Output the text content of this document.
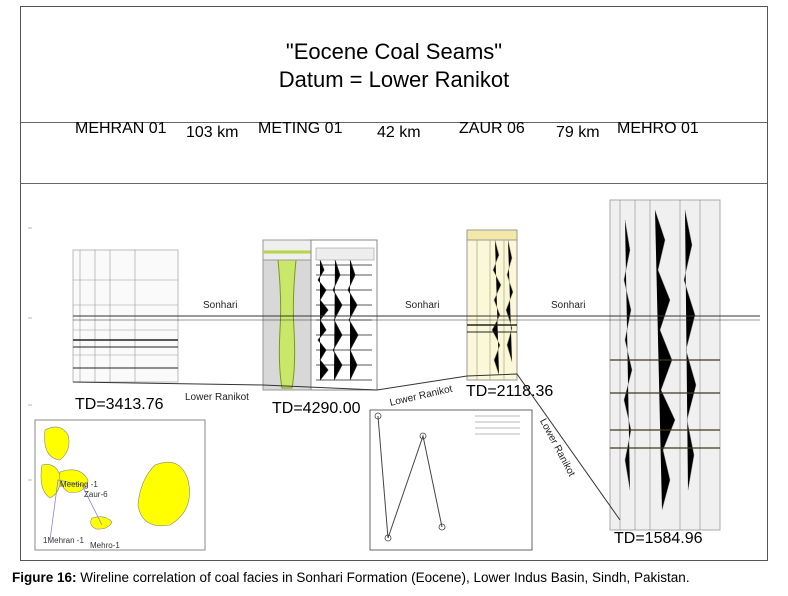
"Eocene Coal Seams"
Datum = Lower Ranikot
MEHRAN 01 103 km METING 01 42 km ZAUR 06 79 km MEHRO 01
Sonhari	Sonhari	Sonhari
Lower Ranikot	Lower Ranikot
Lower Ranikot
TD=3413.76	TD=4290.00
TD=2118.36
TD=1584.96
Meeting -1
Zaur-6
1Mehran -1
Mehro-1
Figure 16: Wireline correlation of coal facies in Sonhari Formation (Eocene), Lower Indus Basin, Sindh, Pakistan.
